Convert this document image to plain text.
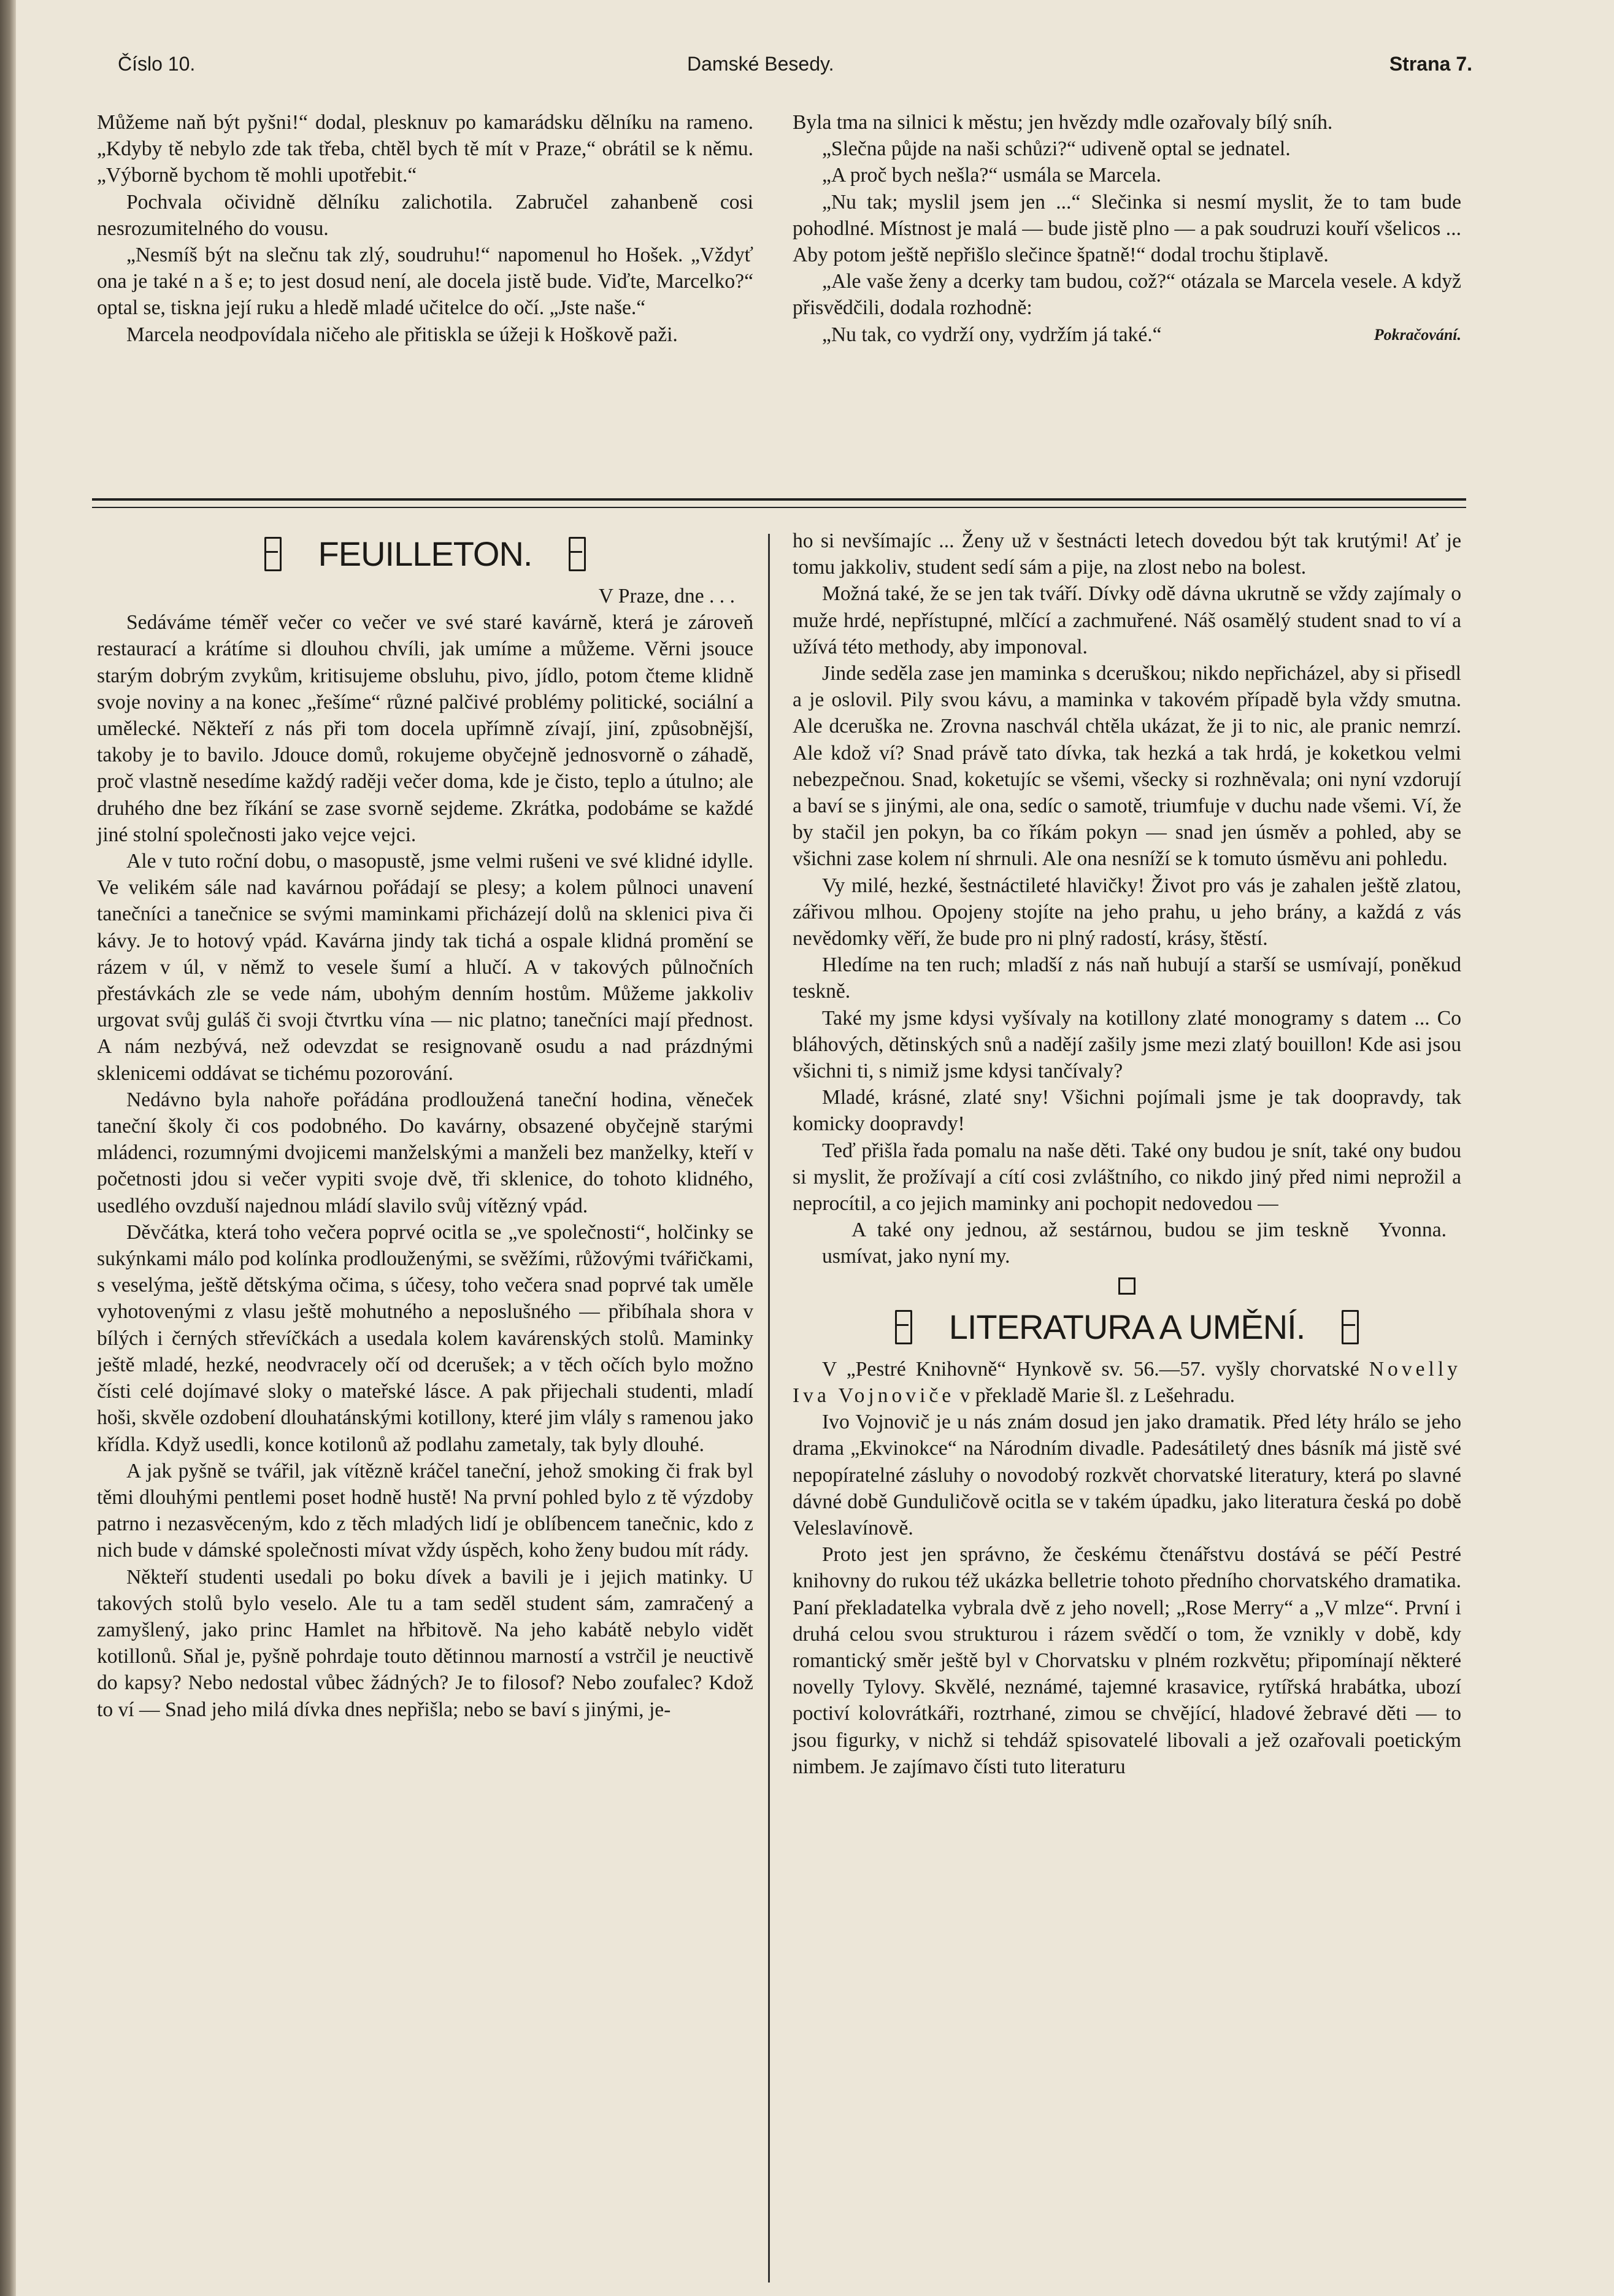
Číslo 10.	Damské Besedy.	Strana 7.

Můžeme naň být pyšni!“ dodal, plesknuv po kamarádsku dělníku na rameno. „Kdyby tě nebylo zde tak třeba, chtěl bych tě mít v Praze,“ obrátil se k němu. „Výborně bychom tě mohli upotřebit.“

Pochvala očividně dělníku zalichotila. Zabručel zahanbeně cosi nesrozumitelného do vousu.

„Nesmíš být na slečnu tak zlý, soudruhu!“ napomenul ho Hošek. „Vždyť ona je také n a š e; to jest dosud není, ale docela jistě bude. Viďte, Marcelko?“ optal se, tiskna její ruku a hledě mladé učitelce do očí. „Jste naše.“

Marcela neodpovídala ničeho ale přitiskla se úžeji k Hoškově paži.

Byla tma na silnici k městu; jen hvězdy mdle ozařovaly bílý sníh.

„Slečna půjde na naši schůzi?“ udiveně optal se jednatel.

„A proč bych nešla?“ usmála se Marcela.

„Nu tak; myslil jsem jen ...“ Slečinka si nesmí myslit, že to tam bude pohodlné. Místnost je malá — bude jistě plno — a pak soudruzi kouří všelicos ... Aby potom ještě nepřišlo slečince špatně!“ dodal trochu štiplavě.

„Ale vaše ženy a dcerky tam budou, což?“ otázala se Marcela vesele. A když přisvědčili, dodala rozhodně:

„Nu tak, co vydrží ony, vydržím já také.“	Pokračování.

FEUILLETON.

V Praze, dne . . .

Sedáváme téměř večer co večer ve své staré kavárně, která je zároveň restaurací a krátíme si dlouhou chvíli, jak umíme a můžeme. Věrni jsouce starým dobrým zvykům, kritisujeme obsluhu, pivo, jídlo, potom čteme klidně svoje noviny a na konec „řešíme“ různé palčivé problémy politické, sociální a umělecké. Někteří z nás při tom docela upřímně zívají, jiní, způsobnější, takoby je to bavilo. Jdouce domů, rokujeme obyčejně jednosvorně o záhadě, proč vlastně nesedíme každý raději večer doma, kde je čisto, teplo a útulno; ale druhého dne bez říkání se zase svorně sejdeme. Zkrátka, podobáme se každé jiné stolní společnosti jako vejce vejci.

Ale v tuto roční dobu, o masopustě, jsme velmi rušeni ve své klidné idylle. Ve velikém sále nad kavárnou pořádají se plesy; a kolem půlnoci unavení tanečníci a tanečnice se svými maminkami přicházejí dolů na sklenici piva či kávy. Je to hotový vpád. Kavárna jindy tak tichá a ospale klidná promění se rázem v úl, v němž to vesele šumí a hlučí. A v takových půlnočních přestávkách zle se vede nám, ubohým denním hostům. Můžeme jakkoliv urgovat svůj guláš či svoji čtvrtku vína — nic platno; tanečníci mají přednost. A nám nezbývá, než odevzdat se resignovaně osudu a nad prázdnými sklenicemi oddávat se tichému pozorování.

Nedávno byla nahoře pořádána prodloužená taneční hodina, věneček taneční školy či cos podobného. Do kavárny, obsazené obyčejně starými mládenci, rozumnými dvojicemi manželskými a manželi bez manželky, kteří v početnosti jdou si večer vypiti svoje dvě, tři sklenice, do tohoto klidného, usedlého ovzduší najednou mládí slavilo svůj vítězný vpád.

Děvčátka, která toho večera poprvé ocitla se „ve společnosti“, holčinky se sukýnkami málo pod kolínka prodlouženými, se svěžími, růžovými tvářičkami, s veselýma, ještě dětskýma očima, s účesy, toho večera snad poprvé tak uměle vyhotovenými z vlasu ještě mohutného a neposlušného — přibíhala shora v bílých i černých střevíčkách a usedala kolem kavárenských stolů. Maminky ještě mladé, hezké, neodvracely očí od dcerušek; a v těch očích bylo možno čísti celé dojímavé sloky o mateřské lásce. A pak přijechali studenti, mladí hoši, skvěle ozdobení dlouhatánskými kotillony, které jim vlály s ramenou jako křídla. Když usedli, konce kotilonů až podlahu zametaly, tak byly dlouhé.

A jak pyšně se tvářil, jak vítězně kráčel taneční, jehož smoking či frak byl těmi dlouhými pentlemi poset hodně hustě! Na první pohled bylo z tě výzdoby patrno i nezasvěceným, kdo z těch mladých lidí je oblíbencem tanečnic, kdo z nich bude v dámské společnosti mívat vždy úspěch, koho ženy budou mít rády.

Někteří studenti usedali po boku dívek a bavili je i jejich matinky. U takových stolů bylo veselo. Ale tu a tam seděl student sám, zamračený a zamyšlený, jako princ Hamlet na hřbitově. Na jeho kabátě nebylo vidět kotillonů. Sňal je, pyšně pohrdaje touto dětinnou marností a vstrčil je neuctivě do kapsy? Nebo nedostal vůbec žádných? Je to filosof? Nebo zoufalec? Kdož to ví — Snad jeho milá dívka dnes nepřišla; nebo se baví s jinými, je-

ho si nevšímajíc ... Ženy už v šestnácti letech dovedou být tak krutými! Ať je tomu jakkoliv, student sedí sám a pije, na zlost nebo na bolest.

Možná také, že se jen tak tváří. Dívky odě dávna ukrutně se vždy zajímaly o muže hrdé, nepřístupné, mlčící a zachmuřené. Náš osamělý student snad to ví a užívá této methody, aby imponoval.

Jinde seděla zase jen maminka s dceruškou; nikdo nepřicházel, aby si přisedl a je oslovil. Pily svou kávu, a maminka v takovém případě byla vždy smutna. Ale dceruška ne. Zrovna naschvál chtěla ukázat, že ji to nic, ale pranic nemrzí. Ale kdož ví? Snad právě tato dívka, tak hezká a tak hrdá, je koketkou velmi nebezpečnou. Snad, koketujíc se všemi, všecky si rozhněvala; oni nyní vzdorují a baví se s jinými, ale ona, sedíc o samotě, triumfuje v duchu nade všemi. Ví, že by stačil jen pokyn, ba co říkám pokyn — snad jen úsměv a pohled, aby se všichni zase kolem ní shrnuli. Ale ona nesníží se k tomuto úsměvu ani pohledu.

Vy milé, hezké, šestnáctileté hlavičky! Život pro vás je zahalen ještě zlatou, zářivou mlhou. Opojeny stojíte na jeho prahu, u jeho brány, a každá z vás nevědomky věří, že bude pro ni plný radostí, krásy, štěstí.

Hledíme na ten ruch; mladší z nás naň hubují a starší se usmívají, poněkud teskně.

Také my jsme kdysi vyšívaly na kotillony zlaté monogramy s datem ... Co bláhových, dětinských snů a nadějí zašily jsme mezi zlatý bouillon! Kde asi jsou všichni ti, s nimiž jsme kdysi tančívaly?

Mladé, krásné, zlaté sny! Všichni pojímali jsme je tak doopravdy, tak komicky doopravdy!

Teď přišla řada pomalu na naše děti. Také ony budou je snít, také ony budou si myslit, že prožívají a cítí cosi zvláštního, co nikdo jiný před nimi neprožil a neprocítil, a co jejich maminky ani pochopit nedovedou —

A také ony jednou, až sestárnou, budou se jim teskně usmívat, jako nyní my.
Yvonna.

LITERATURA A UMĚNÍ.

V „Pestré Knihovně“ Hynkově sv. 56.—57. vyšly chorvatské Novelly Iva Vojnoviče v překladě Marie šl. z Lešehradu.

Ivo Vojnovič je u nás znám dosud jen jako dramatik. Před léty hrálo se jeho drama „Ekvinokce“ na Národním divadle. Padesátiletý dnes básník má jistě své nepopíratelné zásluhy o novodobý rozkvět chorvatské literatury, která po slavné dávné době Gunduličově ocitla se v takém úpadku, jako literatura česká po době Veleslavínově.

Proto jest jen správno, že českému čtenářstvu dostává se péčí Pestré knihovny do rukou též ukázka belletrie tohoto předního chorvatského dramatika. Paní překladatelka vybrala dvě z jeho novell; „Rose Merry“ a „V mlze“. První i druhá celou svou strukturou i rázem svědčí o tom, že vznikly v době, kdy romantický směr ještě byl v Chorvatsku v plném rozkvětu; připomínají některé novelly Tylovy. Skvělé, neznámé, tajemné krasavice, rytířská hrabátka, ubozí poctiví kolovrátkáři, roztrhané, zimou se chvějící, hladové žebravé děti — to jsou figurky, v nichž si tehdáž spisovatelé libovali a jež ozařovali poetickým nimbem. Je zajímavo čísti tuto literaturu
